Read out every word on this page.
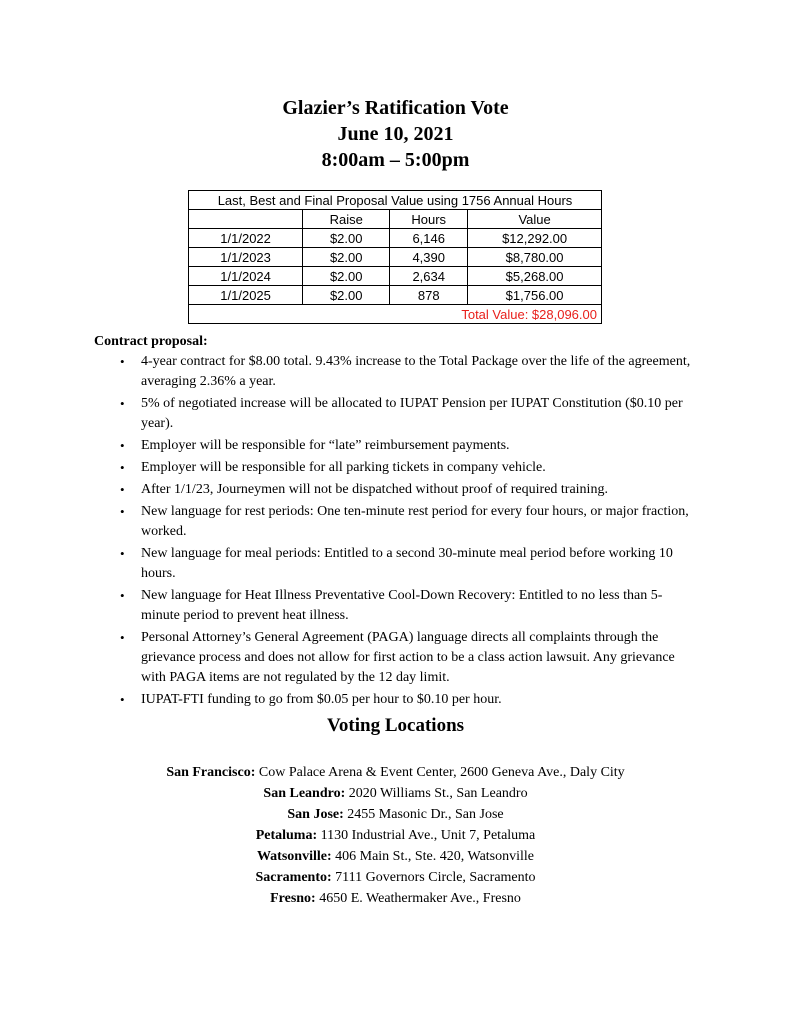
Glazier’s Ratification Vote
June 10, 2021
8:00am – 5:00pm
Last, Best and Final Proposal Value using 1756 Annual Hours			
	Raise	Hours	Value
1/1/2022	$2.00	6,146	$12,292.00
1/1/2023	$2.00	4,390	$8,780.00
1/1/2024	$2.00	2,634	$5,268.00
1/1/2025	$2.00	878	$1,756.00
Total Value: $28,096.00			
Contract proposal:
• 4-year contract for $8.00 total. 9.43% increase to the Total Package over the life of the agreement, averaging 2.36% a year.
• 5% of negotiated increase will be allocated to IUPAT Pension per IUPAT Constitution ($0.10 per year).
• Employer will be responsible for “late” reimbursement payments.
• Employer will be responsible for all parking tickets in company vehicle.
• After 1/1/23, Journeymen will not be dispatched without proof of required training.
• New language for rest periods: One ten-minute rest period for every four hours, or major fraction, worked.
• New language for meal periods: Entitled to a second 30-minute meal period before working 10 hours.
• New language for Heat Illness Preventative Cool-Down Recovery: Entitled to no less than 5-minute period to prevent heat illness.
• Personal Attorney’s General Agreement (PAGA) language directs all complaints through the grievance process and does not allow for first action to be a class action lawsuit. Any grievance with PAGA items are not regulated by the 12 day limit.
• IUPAT-FTI funding to go from $0.05 per hour to $0.10 per hour.
Voting Locations
San Francisco: Cow Palace Arena & Event Center, 2600 Geneva Ave., Daly City
San Leandro: 2020 Williams St., San Leandro
San Jose: 2455 Masonic Dr., San Jose
Petaluma: 1130 Industrial Ave., Unit 7, Petaluma
Watsonville: 406 Main St., Ste. 420, Watsonville
Sacramento: 7111 Governors Circle, Sacramento
Fresno: 4650 E. Weathermaker Ave., Fresno
